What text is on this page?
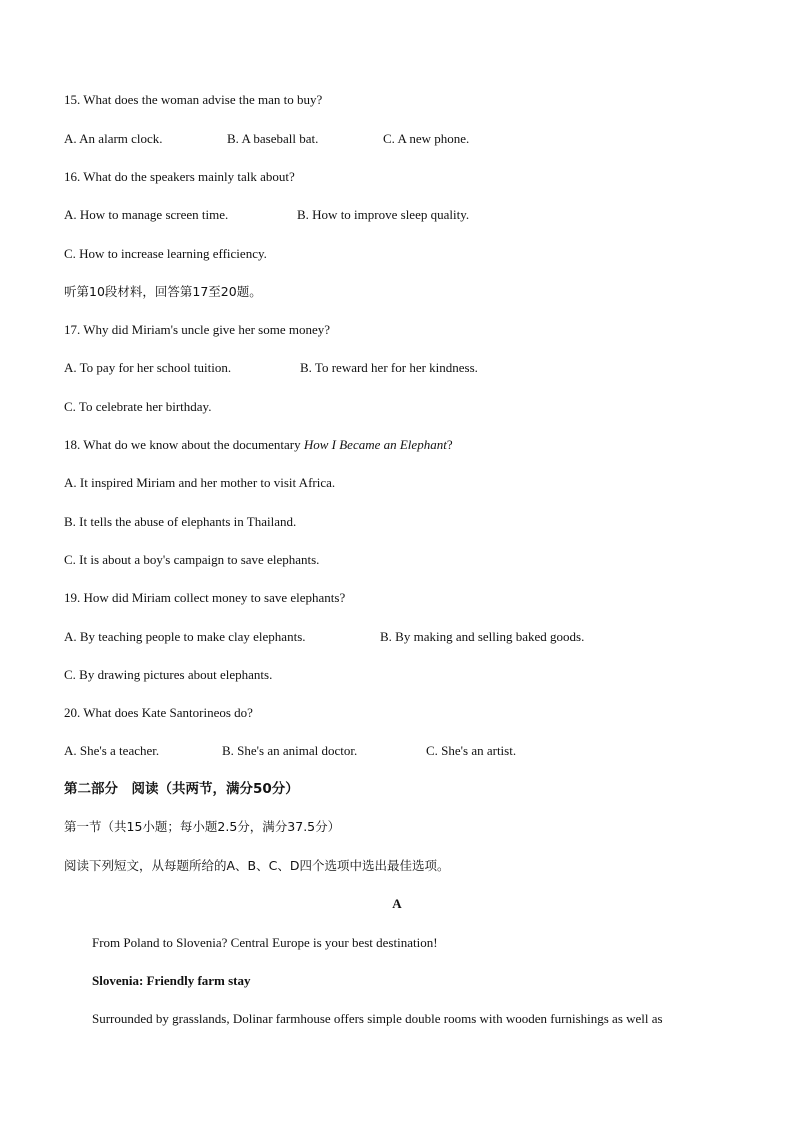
15. What does the woman advise the man to buy?
A. An alarm clock.	B. A baseball bat.	C. A new phone.
16. What do the speakers mainly talk about?
A. How to manage screen time.	B. How to improve sleep quality.
C. How to increase learning efficiency.
听第10段材料，回答第17至20题。
17. Why did Miriam's uncle give her some money?
A. To pay for her school tuition.	B. To reward her for her kindness.
C. To celebrate her birthday.
18. What do we know about the documentary How I Became an Elephant?
A. It inspired Miriam and her mother to visit Africa.
B. It tells the abuse of elephants in Thailand.
C. It is about a boy's campaign to save elephants.
19. How did Miriam collect money to save elephants?
A. By teaching people to make clay elephants.	B. By making and selling baked goods.
C. By drawing pictures about elephants.
20. What does Kate Santorineos do?
A. She's a teacher.	B. She's an animal doctor.	C. She's an artist.
第二部分　阅读（共两节，满分50分）
第一节（共15小题；每小题2.5分，满分37.5分）
阅读下列短文，从每题所给的A、B、C、D四个选项中选出最佳选项。
A
From Poland to Slovenia? Central Europe is your best destination!
Slovenia: Friendly farm stay
Surrounded by grasslands, Dolinar farmhouse offers simple double rooms with wooden furnishings as well as
